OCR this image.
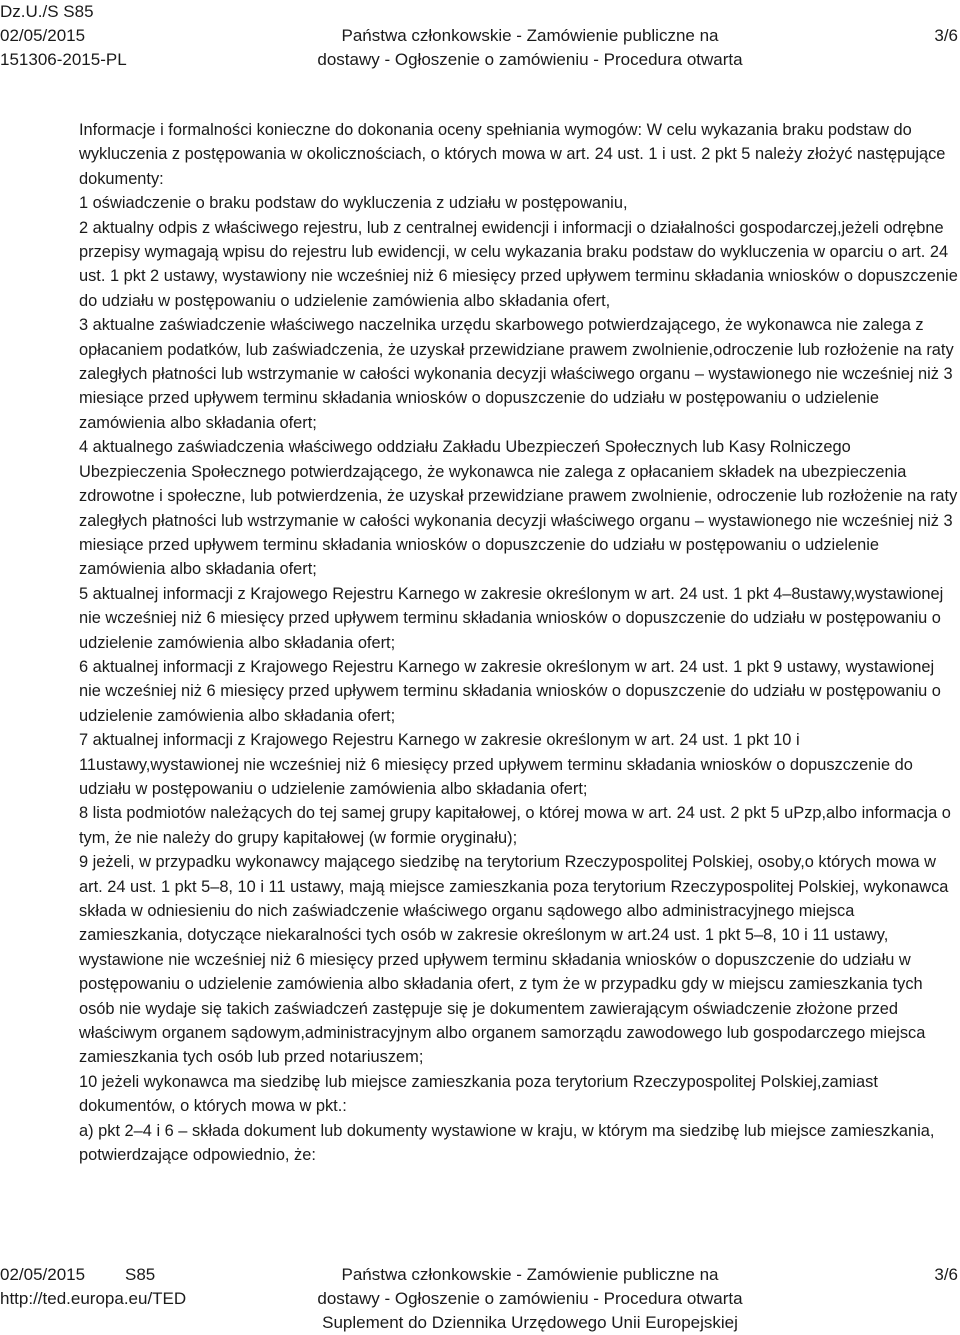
Dz.U./S S85
02/05/2015
151306-2015-PL
Państwa członkowskie - Zamówienie publiczne na
dostawy - Ogłoszenie o zamówieniu - Procedura otwarta
3/6

Informacje i formalności konieczne do dokonania oceny spełniania wymogów: W celu wykazania braku podstaw do wykluczenia z postępowania w okolicznościach, o których mowa w art. 24 ust. 1 i ust. 2 pkt 5 należy złożyć następujące dokumenty:

1 oświadczenie o braku podstaw do wykluczenia z udziału w postępowaniu,

2 aktualny odpis z właściwego rejestru, lub z centralnej ewidencji i informacji o działalności gospodarczej,jeżeli odrębne przepisy wymagają wpisu do rejestru lub ewidencji, w celu wykazania braku podstaw do wykluczenia w oparciu o art. 24 ust. 1 pkt 2 ustawy, wystawiony nie wcześniej niż 6 miesięcy przed upływem terminu składania wniosków o dopuszczenie do udziału w postępowaniu o udzielenie zamówienia albo składania ofert,

3 aktualne zaświadczenie właściwego naczelnika urzędu skarbowego potwierdzającego, że wykonawca nie zalega z opłacaniem podatków, lub zaświadczenia, że uzyskał przewidziane prawem zwolnienie,odroczenie lub rozłożenie na raty zaległych płatności lub wstrzymanie w całości wykonania decyzji właściwego organu – wystawionego nie wcześniej niż 3 miesiące przed upływem terminu składania wniosków o dopuszczenie do udziału w postępowaniu o udzielenie zamówienia albo składania ofert;

4 aktualnego zaświadczenia właściwego oddziału Zakładu Ubezpieczeń Społecznych lub Kasy Rolniczego Ubezpieczenia Społecznego potwierdzającego, że wykonawca nie zalega z opłacaniem składek na ubezpieczenia zdrowotne i społeczne, lub potwierdzenia, że uzyskał przewidziane prawem zwolnienie, odroczenie lub rozłożenie na raty zaległych płatności lub wstrzymanie w całości wykonania decyzji właściwego organu – wystawionego nie wcześniej niż 3 miesiące przed upływem terminu składania wniosków o dopuszczenie do udziału w postępowaniu o udzielenie zamówienia albo składania ofert;

5 aktualnej informacji z Krajowego Rejestru Karnego w zakresie określonym w art. 24 ust. 1 pkt 4–8ustawy,wystawionej nie wcześniej niż 6 miesięcy przed upływem terminu składania wniosków o dopuszczenie do udziału w postępowaniu o udzielenie zamówienia albo składania ofert;

6 aktualnej informacji z Krajowego Rejestru Karnego w zakresie określonym w art. 24 ust. 1 pkt 9 ustawy, wystawionej nie wcześniej niż 6 miesięcy przed upływem terminu składania wniosków o dopuszczenie do udziału w postępowaniu o udzielenie zamówienia albo składania ofert;

7 aktualnej informacji z Krajowego Rejestru Karnego w zakresie określonym w art. 24 ust. 1 pkt 10 i 11ustawy,wystawionej nie wcześniej niż 6 miesięcy przed upływem terminu składania wniosków o dopuszczenie do udziału w postępowaniu o udzielenie zamówienia albo składania ofert;

8 lista podmiotów należących do tej samej grupy kapitałowej, o której mowa w art. 24 ust. 2 pkt 5 uPzp,albo informacja o tym, że nie należy do grupy kapitałowej (w formie oryginału);

9 jeżeli, w przypadku wykonawcy mającego siedzibę na terytorium Rzeczypospolitej Polskiej, osoby,o których mowa w art. 24 ust. 1 pkt 5–8, 10 i 11 ustawy, mają miejsce zamieszkania poza terytorium Rzeczypospolitej Polskiej, wykonawca składa w odniesieniu do nich zaświadczenie właściwego organu sądowego albo administracyjnego miejsca zamieszkania, dotyczące niekaralności tych osób w zakresie określonym w art.24 ust. 1 pkt 5–8, 10 i 11 ustawy, wystawione nie wcześniej niż 6 miesięcy przed upływem terminu składania wniosków o dopuszczenie do udziału w postępowaniu o udzielenie zamówienia albo składania ofert, z tym że w przypadku gdy w miejscu zamieszkania tych osób nie wydaje się takich zaświadczeń zastępuje się je dokumentem zawierającym oświadczenie złożone przed właściwym organem sądowym,administracyjnym albo organem samorządu zawodowego lub gospodarczego miejsca zamieszkania tych osób lub przed notariuszem;

10 jeżeli wykonawca ma siedzibę lub miejsce zamieszkania poza terytorium Rzeczypospolitej Polskiej,zamiast dokumentów, o których mowa w pkt.:

a) pkt 2–4 i 6 – składa dokument lub dokumenty wystawione w kraju, w którym ma siedzibę lub miejsce zamieszkania, potwierdzające odpowiednio, że:

02/05/2015 S85
http://ted.europa.eu/TED
Państwa członkowskie - Zamówienie publiczne na
dostawy - Ogłoszenie o zamówieniu - Procedura otwarta
Suplement do Dziennika Urzędowego Unii Europejskiej
3/6
